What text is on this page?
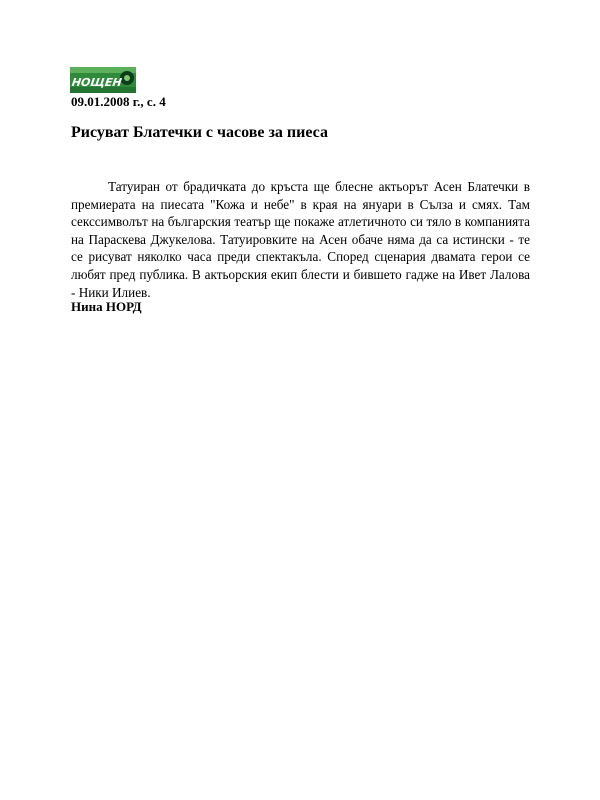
НОЩЕН
09.01.2008 г., с. 4
Рисуват Блатечки с часове за пиеса

Татуиран от брадичката до кръста ще блесне актьорът Асен Блатечки в премиерата на пиесата "Кожа и небе" в края на януари в Сълза и смях. Там секссимволът на българския театър ще покаже атлетичното си тяло в компанията на Параскева Джукелова. Татуировките на Асен обаче няма да са истински - те се рисуват няколко часа преди спектакъла. Според сценария двамата герои се любят пред публика. В актьорския екип блести и бившето гадже на Ивет Лалова - Ники Илиев.

Нина НОРД
